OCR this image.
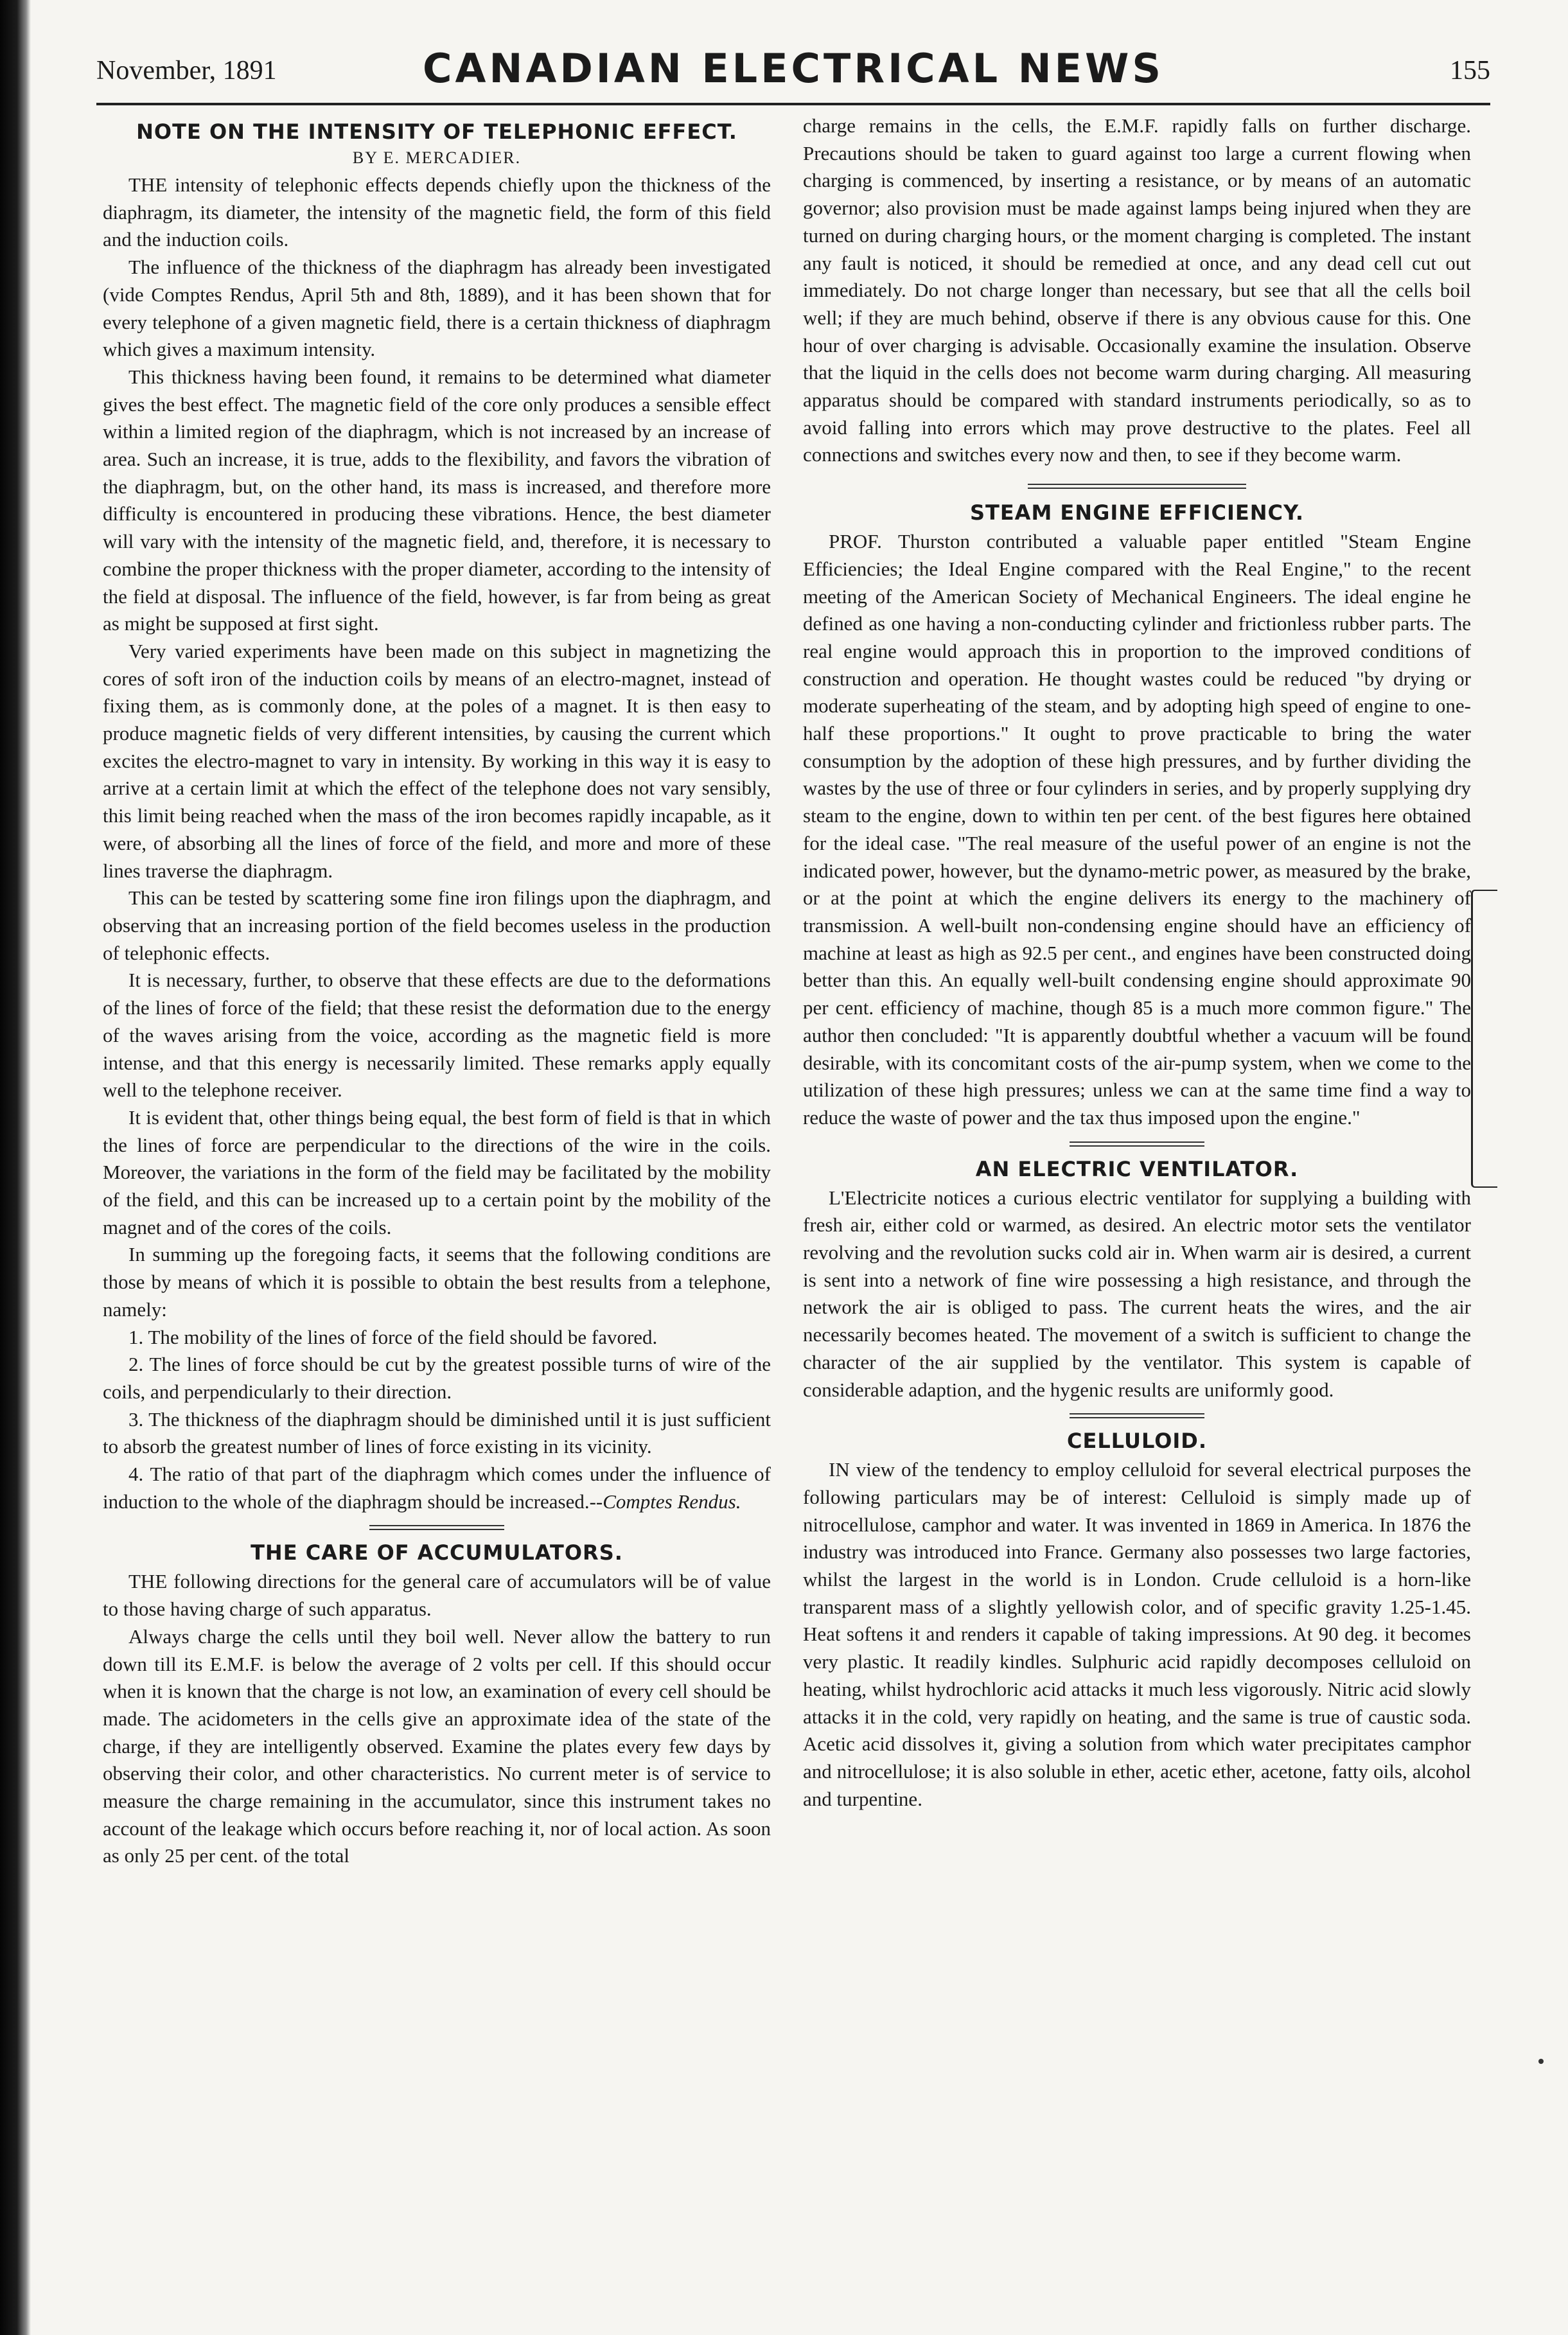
November, 1891	CANADIAN ELECTRICAL NEWS	155
NOTE ON THE INTENSITY OF TELEPHONIC EFFECT.
BY E. MERCADIER.

THE intensity of telephonic effects depends chiefly upon the thickness of the diaphragm, its diameter, the intensity of the magnetic field, the form of this field and the induction coils.

The influence of the thickness of the diaphragm has already been investigated (vide Comptes Rendus, April 5th and 8th, 1889), and it has been shown that for every telephone of a given magnetic field, there is a certain thickness of diaphragm which gives a maximum intensity.

This thickness having been found, it remains to be determined what diameter gives the best effect. The magnetic field of the core only produces a sensible effect within a limited region of the diaphragm, which is not increased by an increase of area. Such an increase, it is true, adds to the flexibility, and favors the vibration of the diaphragm, but, on the other hand, its mass is increased, and therefore more difficulty is encountered in producing these vibrations. Hence, the best diameter will vary with the intensity of the magnetic field, and, therefore, it is necessary to combine the proper thickness with the proper diameter, according to the intensity of the field at disposal. The influence of the field, however, is far from being as great as might be supposed at first sight.

Very varied experiments have been made on this subject in magnetizing the cores of soft iron of the induction coils by means of an electro-magnet, instead of fixing them, as is commonly done, at the poles of a magnet. It is then easy to produce magnetic fields of very different intensities, by causing the current which excites the electro-magnet to vary in intensity. By working in this way it is easy to arrive at a certain limit at which the effect of the telephone does not vary sensibly, this limit being reached when the mass of the iron becomes rapidly incapable, as it were, of absorbing all the lines of force of the field, and more and more of these lines traverse the diaphragm.

This can be tested by scattering some fine iron filings upon the diaphragm, and observing that an increasing portion of the field becomes useless in the production of telephonic effects.

It is necessary, further, to observe that these effects are due to the deformations of the lines of force of the field; that these resist the deformation due to the energy of the waves arising from the voice, according as the magnetic field is more intense, and that this energy is necessarily limited. These remarks apply equally well to the telephone receiver.

It is evident that, other things being equal, the best form of field is that in which the lines of force are perpendicular to the directions of the wire in the coils. Moreover, the variations in the form of the field may be facilitated by the mobility of the field, and this can be increased up to a certain point by the mobility of the magnet and of the cores of the coils.

In summing up the foregoing facts, it seems that the following conditions are those by means of which it is possible to obtain the best results from a telephone, namely:

1. The mobility of the lines of force of the field should be favored.

2. The lines of force should be cut by the greatest possible turns of wire of the coils, and perpendicularly to their direction.

3. The thickness of the diaphragm should be diminished until it is just sufficient to absorb the greatest number of lines of force existing in its vicinity.

4. The ratio of that part of the diaphragm which comes under the influence of induction to the whole of the diaphragm should be increased.--Comptes Rendus.

THE CARE OF ACCUMULATORS.

THE following directions for the general care of accumulators will be of value to those having charge of such apparatus.

Always charge the cells until they boil well. Never allow the battery to run down till its E.M.F. is below the average of 2 volts per cell. If this should occur when it is known that the charge is not low, an examination of every cell should be made. The acidometers in the cells give an approximate idea of the state of the charge, if they are intelligently observed. Examine the plates every few days by observing their color, and other characteristics. No current meter is of service to measure the charge remaining in the accumulator, since this instrument takes no account of the leakage which occurs before reaching it, nor of local action. As soon as only 25 per cent. of the total

charge remains in the cells, the E.M.F. rapidly falls on further discharge. Precautions should be taken to guard against too large a current flowing when charging is commenced, by inserting a resistance, or by means of an automatic governor; also provision must be made against lamps being injured when they are turned on during charging hours, or the moment charging is completed. The instant any fault is noticed, it should be remedied at once, and any dead cell cut out immediately. Do not charge longer than necessary, but see that all the cells boil well; if they are much behind, observe if there is any obvious cause for this. One hour of over charging is advisable. Occasionally examine the insulation. Observe that the liquid in the cells does not become warm during charging. All measuring apparatus should be compared with standard instruments periodically, so as to avoid falling into errors which may prove destructive to the plates. Feel all connections and switches every now and then, to see if they become warm.

STEAM ENGINE EFFICIENCY.

PROF. Thurston contributed a valuable paper entitled "Steam Engine Efficiencies; the Ideal Engine compared with the Real Engine," to the recent meeting of the American Society of Mechanical Engineers. The ideal engine he defined as one having a non-conducting cylinder and frictionless rubber parts. The real engine would approach this in proportion to the improved conditions of construction and operation. He thought wastes could be reduced "by drying or moderate superheating of the steam, and by adopting high speed of engine to one-half these proportions." It ought to prove practicable to bring the water consumption by the adoption of these high pressures, and by further dividing the wastes by the use of three or four cylinders in series, and by properly supplying dry steam to the engine, down to within ten per cent. of the best figures here obtained for the ideal case. "The real measure of the useful power of an engine is not the indicated power, however, but the dynamo-metric power, as measured by the brake, or at the point at which the engine delivers its energy to the machinery of transmission. A well-built non-condensing engine should have an efficiency of machine at least as high as 92.5 per cent., and engines have been constructed doing better than this. An equally well-built condensing engine should approximate 90 per cent. efficiency of machine, though 85 is a much more common figure." The author then concluded: "It is apparently doubtful whether a vacuum will be found desirable, with its concomitant costs of the air-pump system, when we come to the utilization of these high pressures; unless we can at the same time find a way to reduce the waste of power and the tax thus imposed upon the engine."

AN ELECTRIC VENTILATOR.

L'Electricite notices a curious electric ventilator for supplying a building with fresh air, either cold or warmed, as desired. An electric motor sets the ventilator revolving and the revolution sucks cold air in. When warm air is desired, a current is sent into a network of fine wire possessing a high resistance, and through the network the air is obliged to pass. The current heats the wires, and the air necessarily becomes heated. The movement of a switch is sufficient to change the character of the air supplied by the ventilator. This system is capable of considerable adaption, and the hygenic results are uniformly good.

CELLULOID.

IN view of the tendency to employ celluloid for several electrical purposes the following particulars may be of interest: Celluloid is simply made up of nitrocellulose, camphor and water. It was invented in 1869 in America. In 1876 the industry was introduced into France. Germany also possesses two large factories, whilst the largest in the world is in London. Crude celluloid is a horn-like transparent mass of a slightly yellowish color, and of specific gravity 1.25-1.45. Heat softens it and renders it capable of taking impressions. At 90 deg. it becomes very plastic. It readily kindles. Sulphuric acid rapidly decomposes celluloid on heating, whilst hydrochloric acid attacks it much less vigorously. Nitric acid slowly attacks it in the cold, very rapidly on heating, and the same is true of caustic soda. Acetic acid dissolves it, giving a solution from which water precipitates camphor and nitrocellulose; it is also soluble in ether, acetic ether, acetone, fatty oils, alcohol and turpentine.
